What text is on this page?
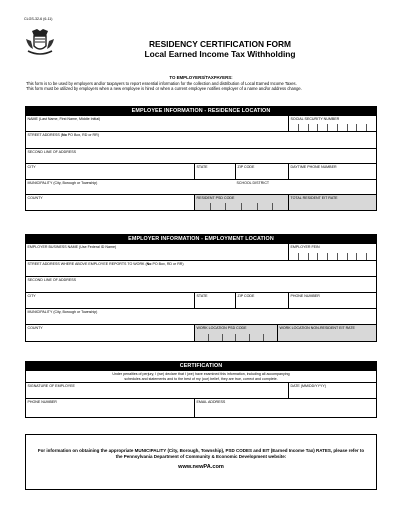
CLGS-32-6 (6-11)
RESIDENCY CERTIFICATION FORM
Local Earned Income Tax Withholding
TO EMPLOYERS/TAXPAYERS:
This form is to be used by employers and/or taxpayers to report essential information for the collection and distribution of Local Earned Income Taxes.
This form must be utilized by employers when a new employee is hired or when a current employee notifies employer of a name and/or address change.
EMPLOYEE INFORMATION - RESIDENCE LOCATION
NAME (Last Name, First Name, Middle Initial)	SOCIAL SECURITY NUMBER
STREET ADDRESS (No PO Box, RD or RR)
SECOND LINE OF ADDRESS
CITY	STATE	ZIP CODE	DAYTIME PHONE NUMBER
MUNICIPALITY (City, Borough or Township)	SCHOOL DISTRICT
COUNTY	RESIDENT PSD CODE	TOTAL RESIDENT EIT RATE
EMPLOYER INFORMATION - EMPLOYMENT LOCATION
EMPLOYER BUSINESS NAME (Use Federal ID Name)	EMPLOYER FEIN
STREET ADDRESS WHERE ABOVE EMPLOYEE REPORTS TO WORK (No PO Box, RD or RR)
SECOND LINE OF ADDRESS
CITY	STATE	ZIP CODE	PHONE NUMBER
MUNICIPALITY (City, Borough or Township)
COUNTY	WORK LOCATION PSD CODE	WORK LOCATION NON-RESIDENT EIT RATE
CERTIFICATION
Under penalties of perjury, I (we) declare that I (we) have examined this information, including all accompanying
schedules and statements and to the best of my (our) belief, they are true, correct and complete.
SIGNATURE OF EMPLOYEE	DATE (MM/DD/YYYY)
PHONE NUMBER	EMAIL ADDRESS
For information on obtaining the appropriate MUNICIPALITY (City, Borough, Township), PSD CODES and EIT (Earned Income Tax) RATES, please refer to the Pennsylvania Department of Community & Economic Development website:
www.newPA.com
